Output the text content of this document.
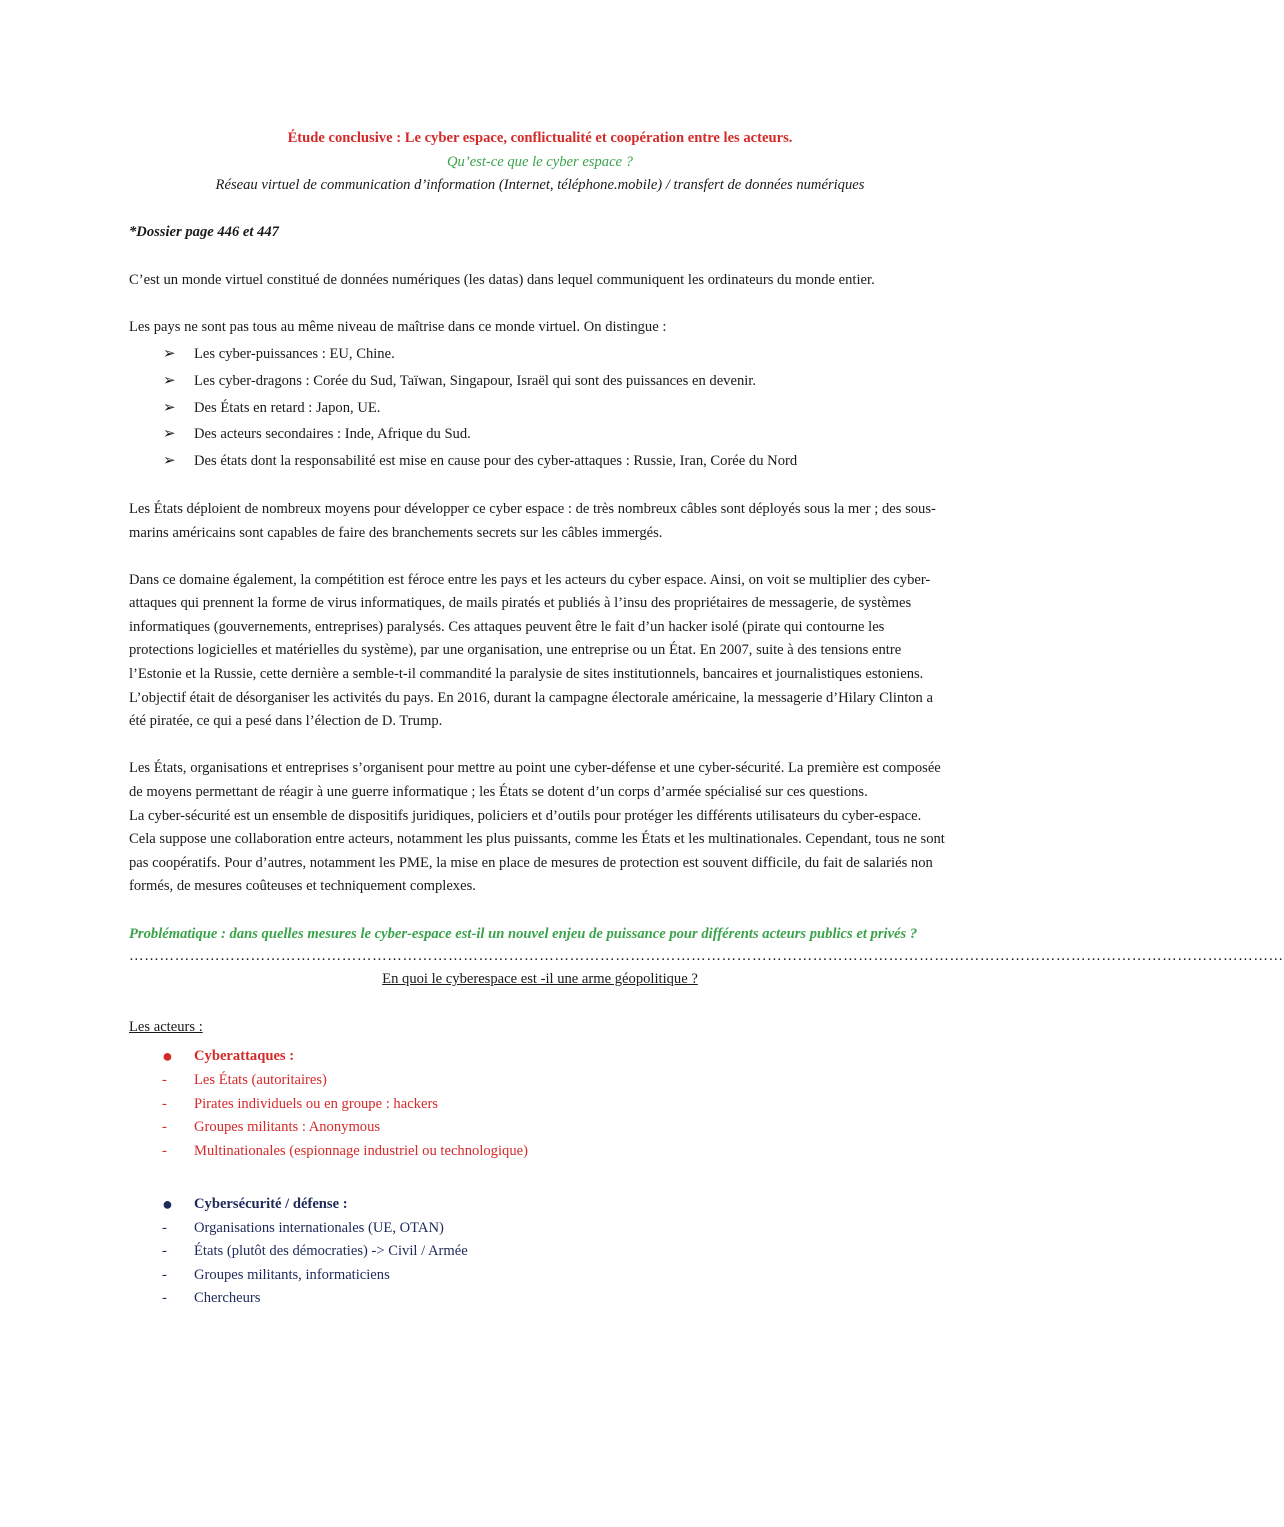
Étude conclusive : Le cyber espace, conflictualité et coopération entre les acteurs.
Qu’est-ce que le cyber espace ?
Réseau virtuel de communication d’information (Internet, téléphone.mobile) / transfert de données numériques
*Dossier page 446 et 447

C’est un monde virtuel constitué de données numériques (les datas) dans lequel communiquent les ordinateurs du monde entier.

Les pays ne sont pas tous au même niveau de maîtrise dans ce monde virtuel. On distingue :

➢ Les cyber-puissances : EU, Chine.
➢ Les cyber-dragons : Corée du Sud, Taïwan, Singapour, Israël qui sont des puissances en devenir.
➢ Des États en retard : Japon, UE.
➢ Des acteurs secondaires : Inde, Afrique du Sud.
➢ Des états dont la responsabilité est mise en cause pour des cyber-attaques : Russie, Iran, Corée du Nord

Les États déploient de nombreux moyens pour développer ce cyber espace : de très nombreux câbles sont déployés sous la mer ; des sous-marins américains sont capables de faire des branchements secrets sur les câbles immergés.

Dans ce domaine également, la compétition est féroce entre les pays et les acteurs du cyber espace. Ainsi, on voit se multiplier des cyber-attaques qui prennent la forme de virus informatiques, de mails piratés et publiés à l’insu des propriétaires de messagerie, de systèmes informatiques (gouvernements, entreprises) paralysés. Ces attaques peuvent être le fait d’un hacker isolé (pirate qui contourne les protections logicielles et matérielles du système), par une organisation, une entreprise ou un État. En 2007, suite à des tensions entre l’Estonie et la Russie, cette dernière a semble-t-il commandité la paralysie de sites institutionnels, bancaires et journalistiques estoniens. L’objectif était de désorganiser les activités du pays. En 2016, durant la campagne électorale américaine, la messagerie d’Hilary Clinton a été piratée, ce qui a pesé dans l’élection de D. Trump.

Les États, organisations et entreprises s’organisent pour mettre au point une cyber-défense et une cyber-sécurité. La première est composée de moyens permettant de réagir à une guerre informatique ; les États se dotent d’un corps d’armée spécialisé sur ces questions.

La cyber-sécurité est un ensemble de dispositifs juridiques, policiers et d’outils pour protéger les différents utilisateurs du cyber-espace. Cela suppose une collaboration entre acteurs, notamment les plus puissants, comme les États et les multinationales. Cependant, tous ne sont pas coopératifs. Pour d’autres, notamment les PME, la mise en place de mesures de protection est souvent difficile, du fait de salariés non formés, de mesures coûteuses et techniquement complexes.

Problématique : dans quelles mesures le cyber-espace est-il un nouvel enjeu de puissance pour différents acteurs publics et privés ?

…………………………………………………………………………………………………………………………………………………………………………………………………………
En quoi le cyberespace est -il une arme géopolitique ?
Les acteurs :
●	Cyberattaques :
-	Les États (autoritaires)
-	Pirates individuels ou en groupe : hackers
-	Groupes militants : Anonymous
-	Multinationales (espionnage industriel ou technologique)
●	Cybersécurité / défense :
-	Organisations internationales (UE, OTAN)
-	États (plutôt des démocraties) -> Civil / Armée
-	Groupes militants, informaticiens
-	Chercheurs
